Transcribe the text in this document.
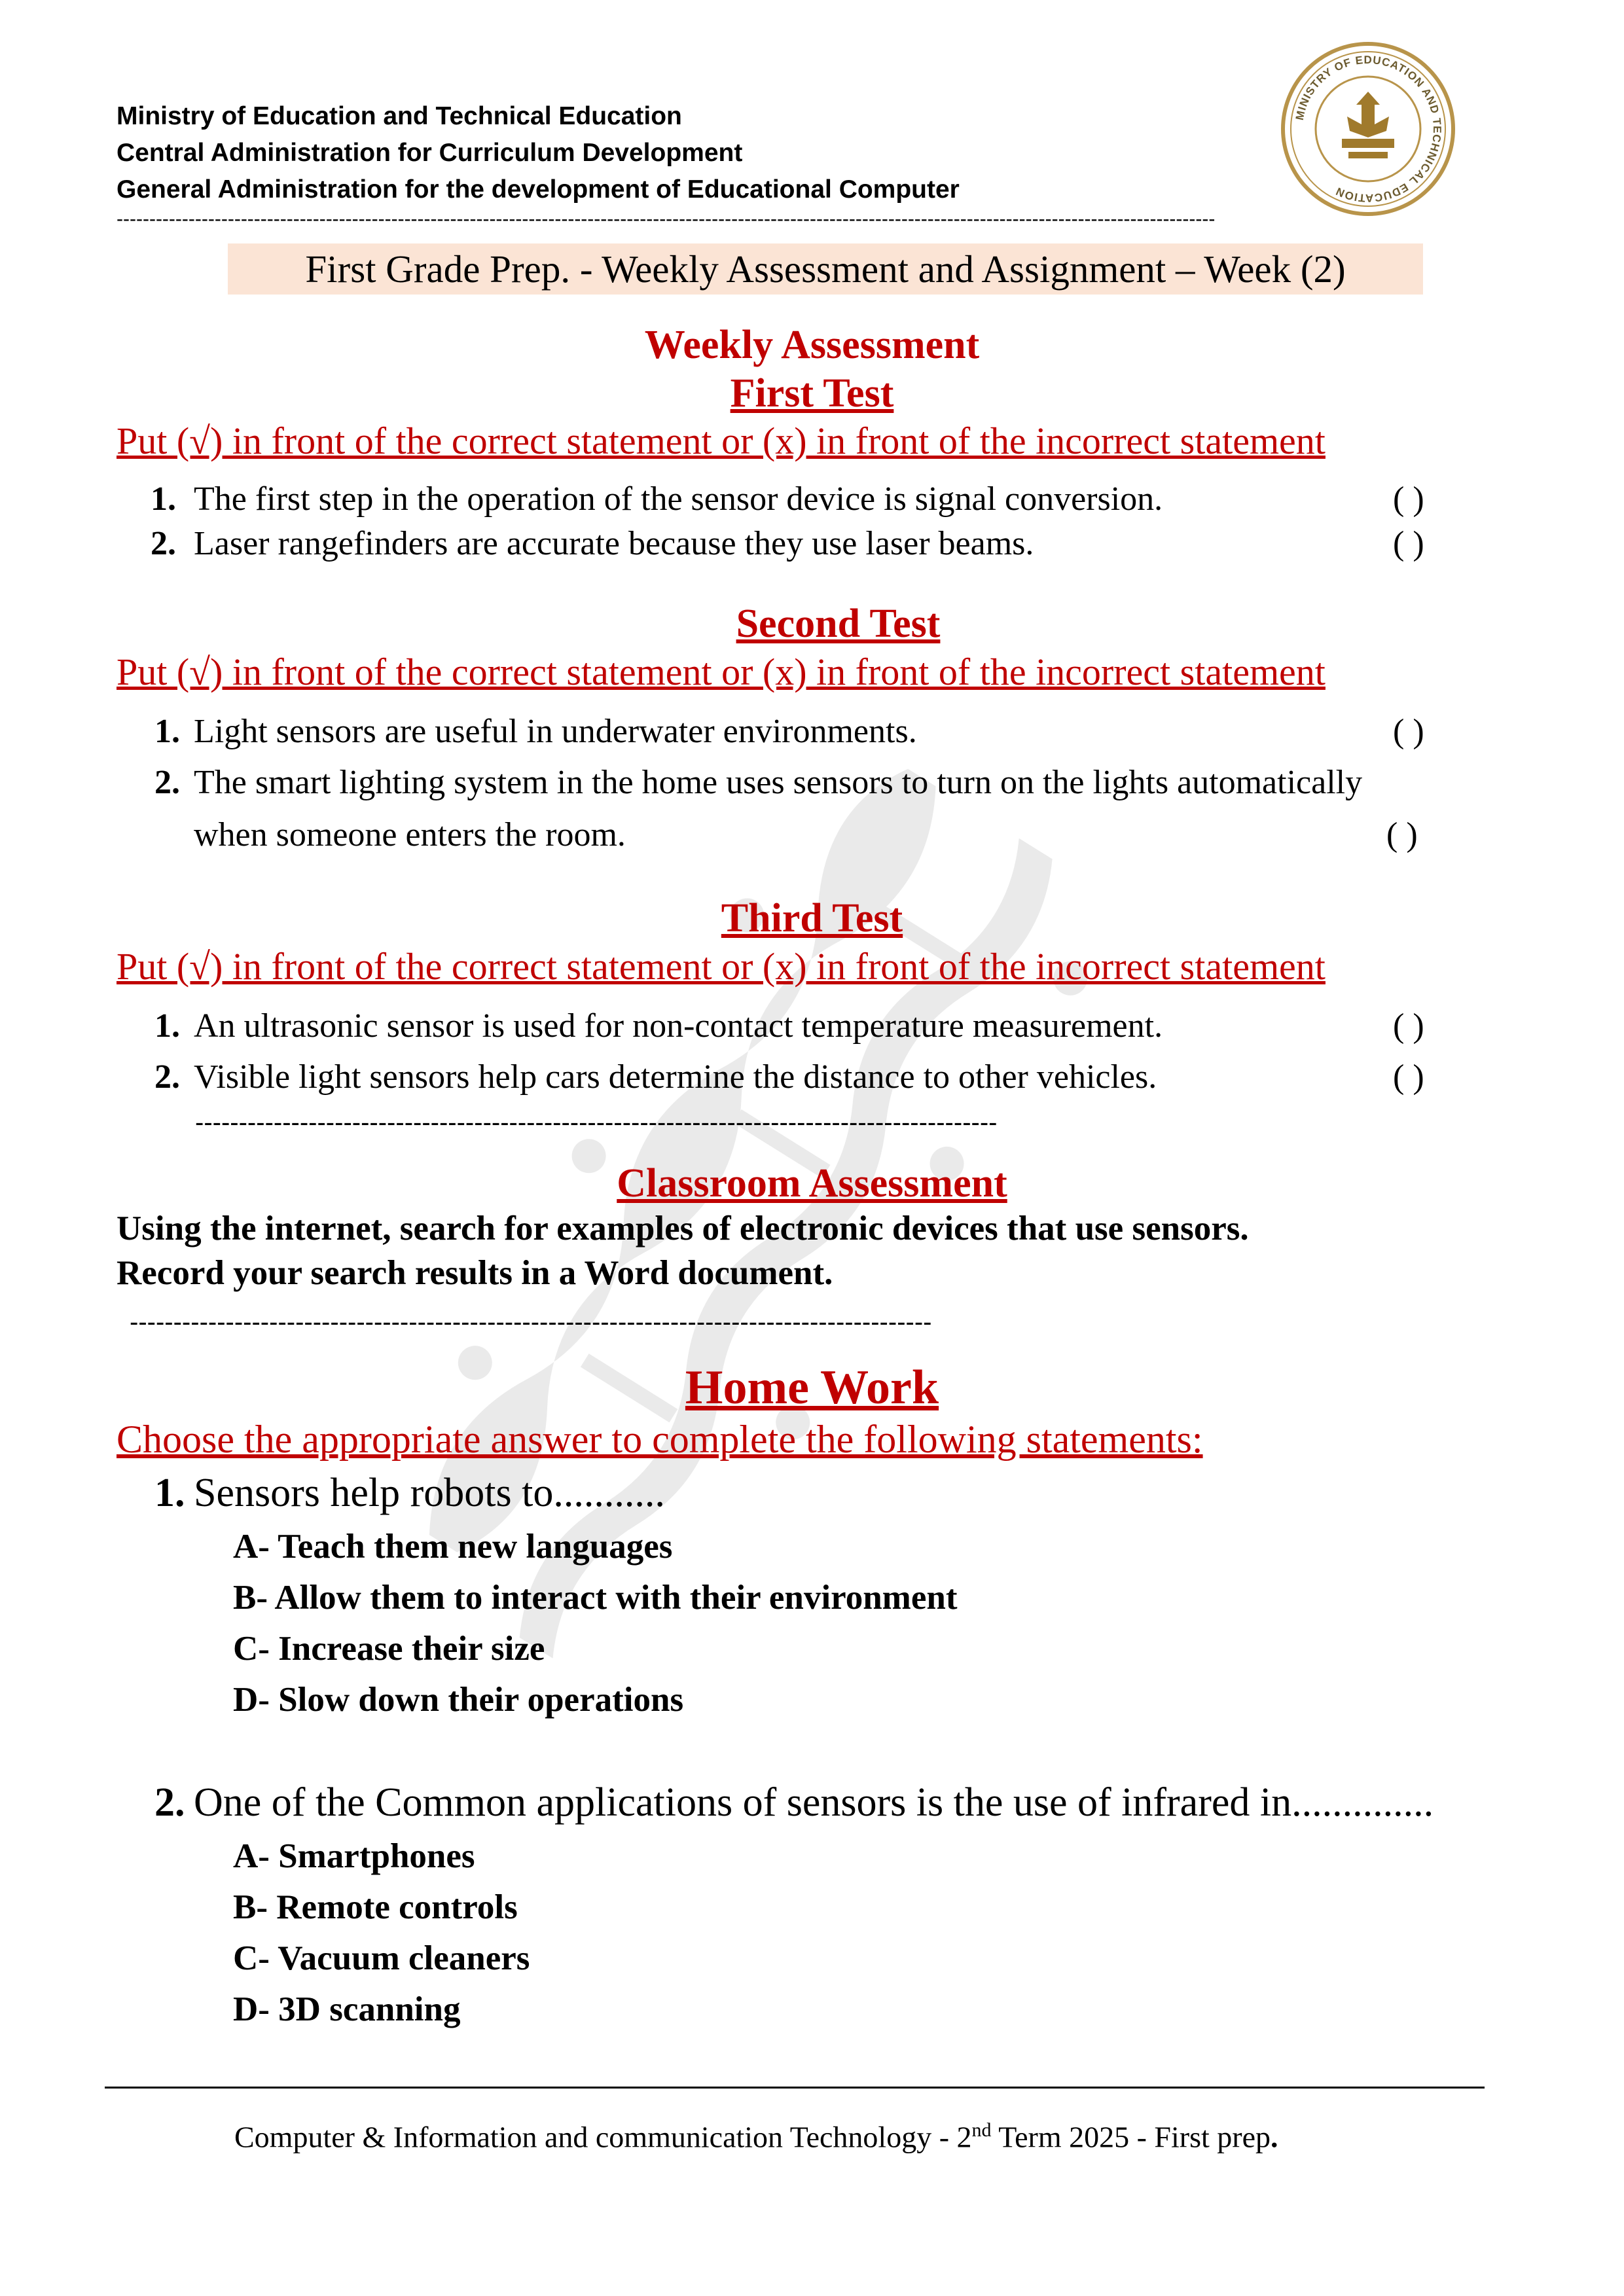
Ministry of Education and Technical Education
Central Administration for Curriculum Development
General Administration for the development of Educational Computer
MINISTRY OF EDUCATION AND TECHNICAL EDUCATION
------------------------------------------------------------------------------------------------------------------------------------------------------------------------
First Grade Prep. - Weekly Assessment and Assignment – Week (2)
Weekly Assessment
First Test
Put (√) in front of the correct statement or (x) in front of the incorrect statement
1. The first step in the operation of the sensor device is signal conversion.	( )
2. Laser rangefinders are accurate because they use laser beams.	( )
Second Test
Put (√) in front of the correct statement or (x) in front of the incorrect statement
1. Light sensors are useful in underwater environments.	( )
2. The smart lighting system in the home uses sensors to turn on the lights automatically
when someone enters the room.	( )
Third Test
Put (√) in front of the correct statement or (x) in front of the incorrect statement
1. An ultrasonic sensor is used for non-contact temperature measurement.	( )
2. Visible light sensors help cars determine the distance to other vehicles.	( )
--------------------------------------------------------------------------------------------
Classroom Assessment
Using the internet, search for examples of electronic devices that use sensors.
Record your search results in a Word document.
--------------------------------------------------------------------------------------------
Home Work
Choose the appropriate answer to complete the following statements:
1. Sensors help robots to...........
A- Teach them new languages
B- Allow them to interact with their environment
C- Increase their size
D- Slow down their operations
2. One of the Common applications of sensors is the use of infrared in..............
A- Smartphones
B- Remote controls
C- Vacuum cleaners
D- 3D scanning
Computer & Information and communication Technology - 2nd Term 2025 - First prep.
